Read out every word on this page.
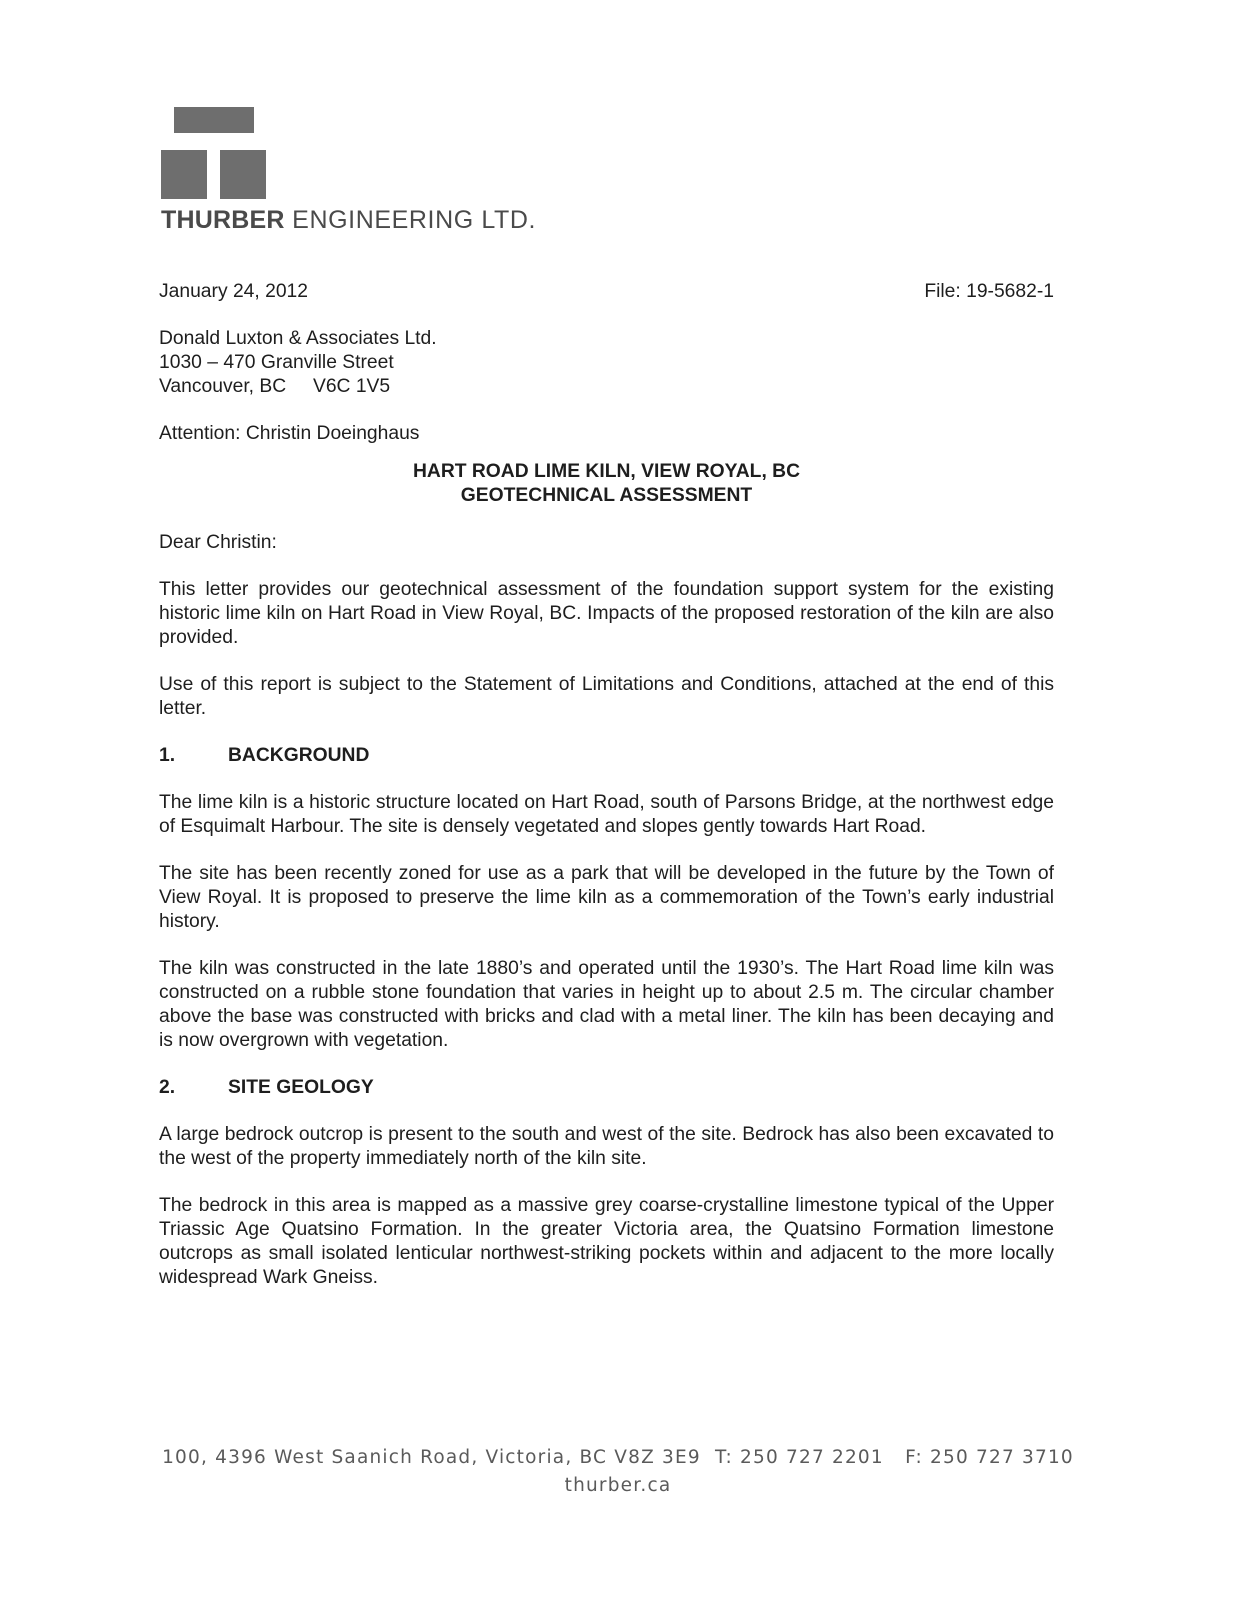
THURBER ENGINEERING LTD.
January 24, 2012	File: 19-5682-1
Donald Luxton & Associates Ltd.
1030 – 470 Granville Street
Vancouver, BC     V6C 1V5
Attention: Christin Doeinghaus
HART ROAD LIME KILN, VIEW ROYAL, BC
GEOTECHNICAL ASSESSMENT
Dear Christin:

This letter provides our geotechnical assessment of the foundation support system for the existing historic lime kiln on Hart Road in View Royal, BC. Impacts of the proposed restoration of the kiln are also provided.

Use of this report is subject to the Statement of Limitations and Conditions, attached at the end of this letter.

1.	BACKGROUND

The lime kiln is a historic structure located on Hart Road, south of Parsons Bridge, at the northwest edge of Esquimalt Harbour. The site is densely vegetated and slopes gently towards Hart Road.

The site has been recently zoned for use as a park that will be developed in the future by the Town of View Royal. It is proposed to preserve the lime kiln as a commemoration of the Town’s early industrial history.

The kiln was constructed in the late 1880’s and operated until the 1930’s. The Hart Road lime kiln was constructed on a rubble stone foundation that varies in height up to about 2.5 m. The circular chamber above the base was constructed with bricks and clad with a metal liner. The kiln has been decaying and is now overgrown with vegetation.

2.	SITE GEOLOGY

A large bedrock outcrop is present to the south and west of the site. Bedrock has also been excavated to the west of the property immediately north of the kiln site.

The bedrock in this area is mapped as a massive grey coarse-crystalline limestone typical of the Upper Triassic Age Quatsino Formation. In the greater Victoria area, the Quatsino Formation limestone outcrops as small isolated lenticular northwest-striking pockets within and adjacent to the more locally widespread Wark Gneiss.

100, 4396 West Saanich Road, Victoria, BC V8Z 3E9  T: 250 727 2201   F: 250 727 3710
thurber.ca
